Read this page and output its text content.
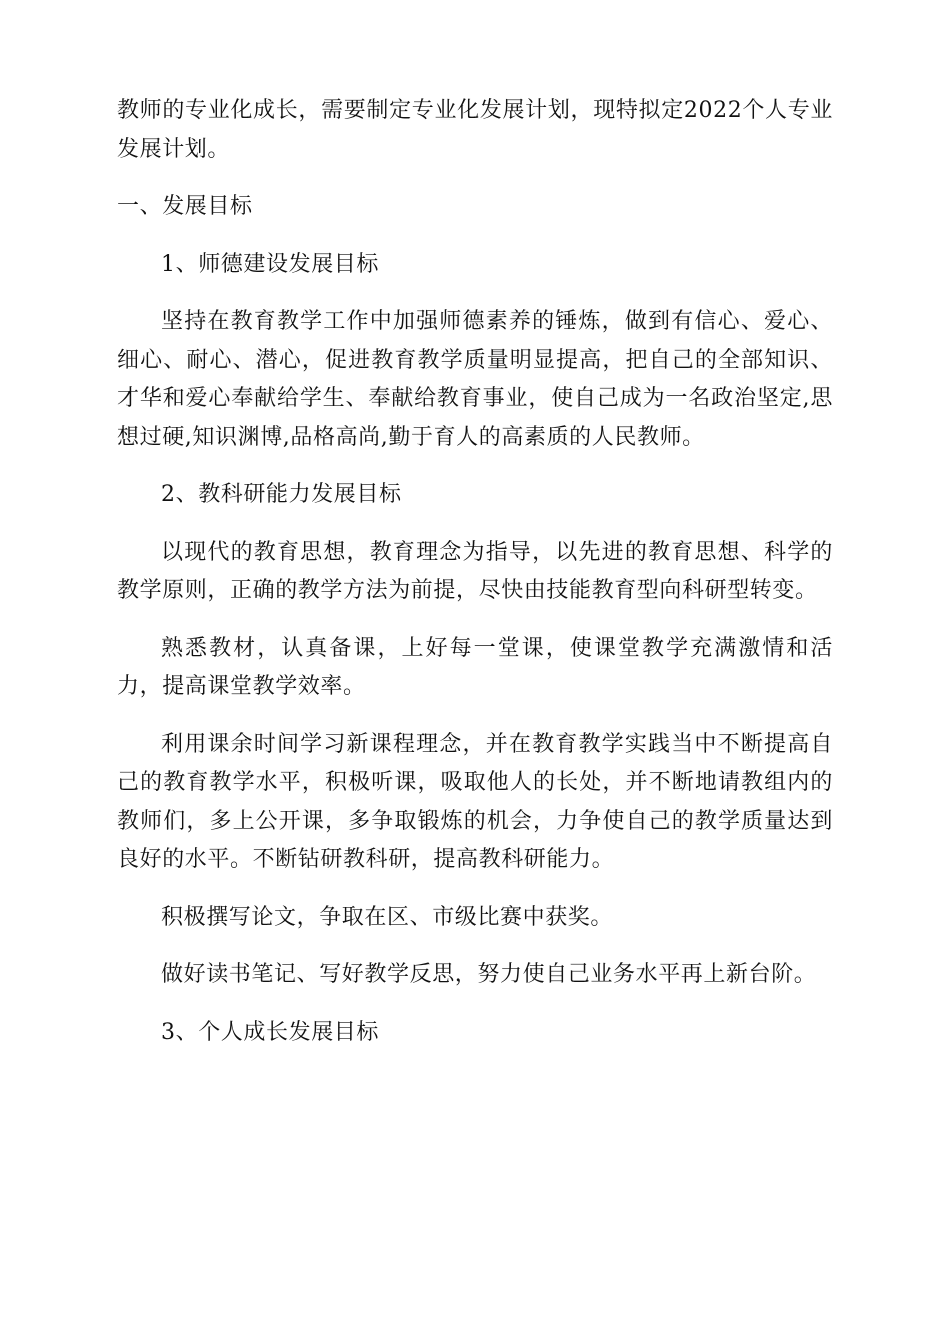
教师的专业化成长，需要制定专业化发展计划，现特拟定2022个人专业发展计划。

一、发展目标

1、师德建设发展目标

坚持在教育教学工作中加强师德素养的锤炼，做到有信心、爱心、细心、耐心、潜心，促进教育教学质量明显提高，把自己的全部知识、才华和爱心奉献给学生、奉献给教育事业，使自己成为一名政治坚定,思想过硬,知识渊博,品格高尚,勤于育人的高素质的人民教师。

2、教科研能力发展目标

以现代的教育思想，教育理念为指导，以先进的教育思想、科学的教学原则，正确的教学方法为前提，尽快由技能教育型向科研型转变。

熟悉教材，认真备课，上好每一堂课，使课堂教学充满激情和活力，提高课堂教学效率。

利用课余时间学习新课程理念，并在教育教学实践当中不断提高自己的教育教学水平，积极听课，吸取他人的长处，并不断地请教组内的教师们，多上公开课，多争取锻炼的机会，力争使自己的教学质量达到良好的水平。不断钻研教科研，提高教科研能力。

积极撰写论文，争取在区、市级比赛中获奖。

做好读书笔记、写好教学反思，努力使自己业务水平再上新台阶。

3、个人成长发展目标
